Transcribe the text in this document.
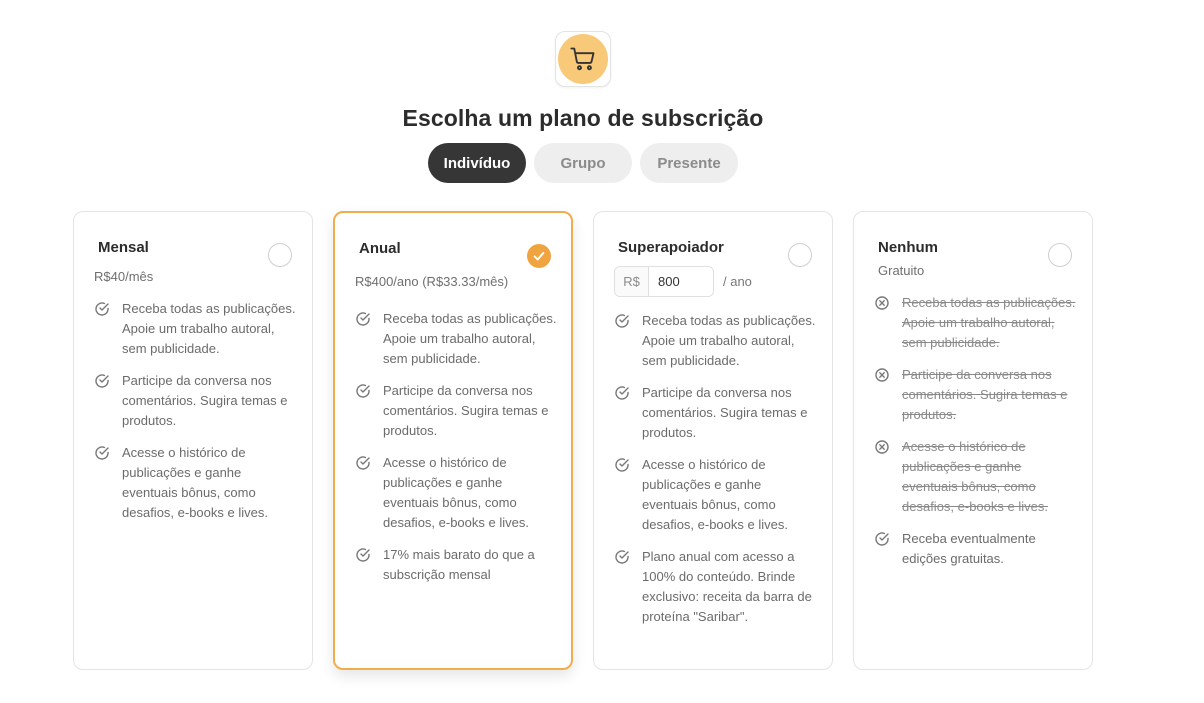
Escolha um plano de subscrição
Indivíduo	Grupo	Presente
Mensal
R$40/mês
Receba todas as publicações. Apoie um trabalho autoral, sem publicidade.
Participe da conversa nos comentários. Sugira temas e produtos.
Acesse o histórico de publicações e ganhe eventuais bônus, como desafios, e-books e lives.
Anual
R$400/ano (R$33.33/mês)
Receba todas as publicações. Apoie um trabalho autoral, sem publicidade.
Participe da conversa nos comentários. Sugira temas e produtos.
Acesse o histórico de publicações e ganhe eventuais bônus, como desafios, e-books e lives.
17% mais barato do que a subscrição mensal
Superapoiador
R$
800	/ ano
Receba todas as publicações. Apoie um trabalho autoral, sem publicidade.
Participe da conversa nos comentários. Sugira temas e produtos.
Acesse o histórico de publicações e ganhe eventuais bônus, como desafios, e-books e lives.
Plano anual com acesso a 100% do conteúdo. Brinde exclusivo: receita da barra de proteína "Saribar".
Nenhum
Gratuito
Receba todas as publicações. Apoie um trabalho autoral, sem publicidade.
Participe da conversa nos comentários. Sugira temas e produtos.
Acesse o histórico de publicações e ganhe eventuais bônus, como desafios, e-books e lives.
Receba eventualmente edições gratuitas.
